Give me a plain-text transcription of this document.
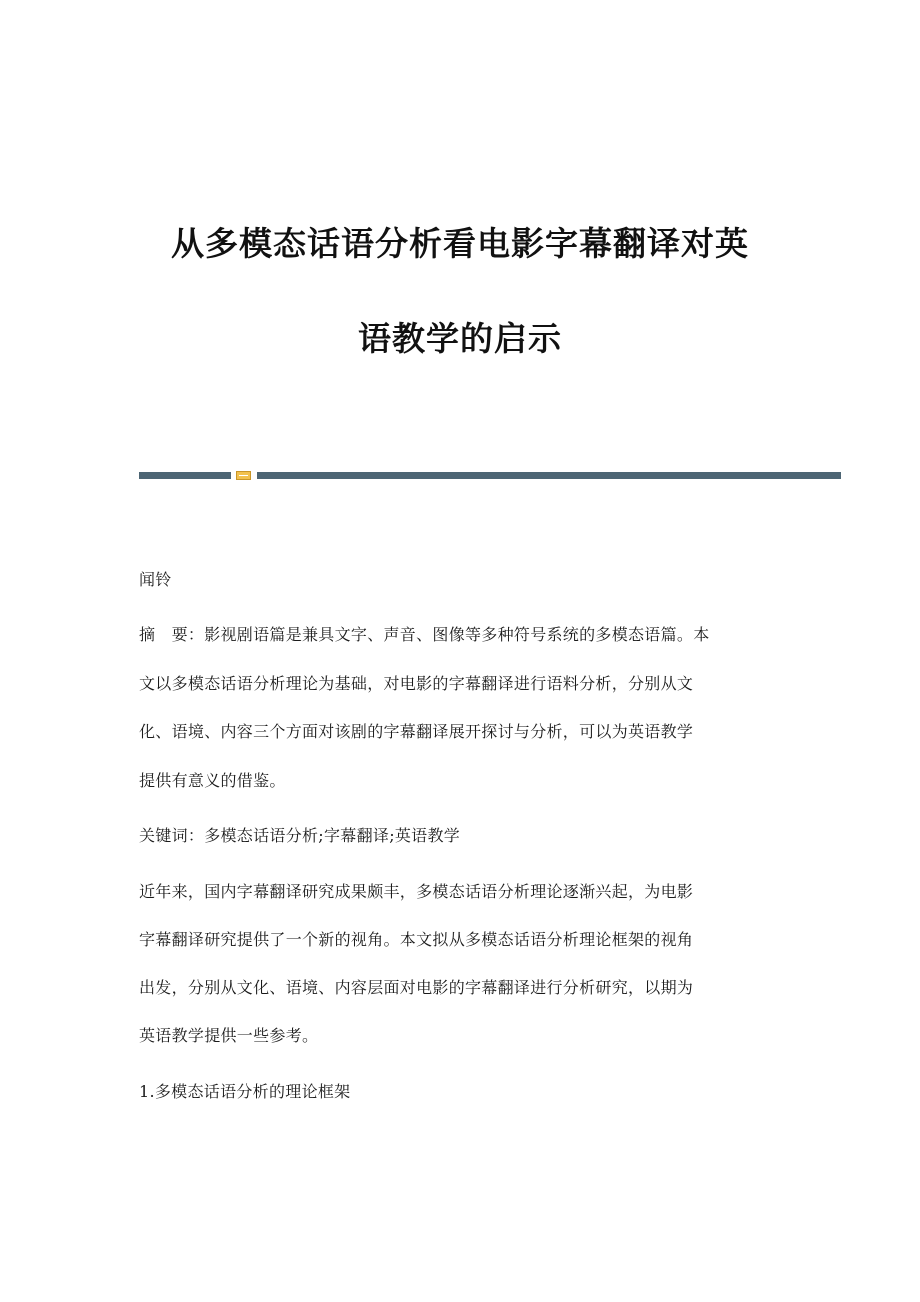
从多模态话语分析看电影字幕翻译对英
语教学的启示
闻铃
摘　要：影视剧语篇是兼具文字、声音、图像等多种符号系统的多模态语篇。本
文以多模态话语分析理论为基础，对电影的字幕翻译进行语料分析，分别从文
化、语境、内容三个方面对该剧的字幕翻译展开探讨与分析，可以为英语教学
提供有意义的借鉴。
关键词：多模态话语分析;字幕翻译;英语教学
近年来，国内字幕翻译研究成果颇丰，多模态话语分析理论逐渐兴起，为电影
字幕翻译研究提供了一个新的视角。本文拟从多模态话语分析理论框架的视角
出发，分别从文化、语境、内容层面对电影的字幕翻译进行分析研究，以期为
英语教学提供一些参考。
1.多模态话语分析的理论框架
